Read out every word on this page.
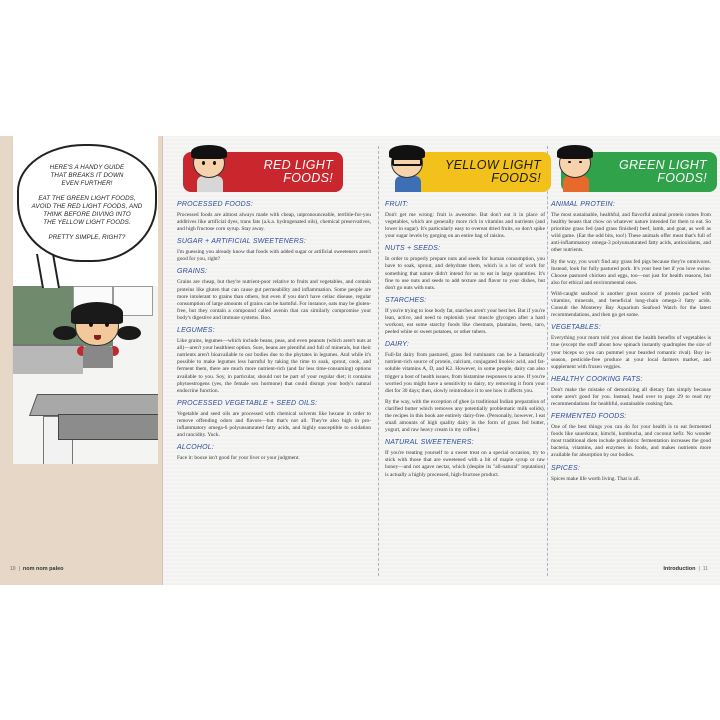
HERE'S A HANDY GUIDE
THAT BREAKS IT DOWN
EVEN FURTHER!
EAT THE GREEN LIGHT FOODS,
AVOID THE RED LIGHT FOODS, AND
THINK BEFORE DIVING INTO
THE YELLOW LIGHT FOODS.
PRETTY SIMPLE, RIGHT?
10 | nom nom paleo
RED LIGHT
FOODS!
PROCESSED FOODS:

Processed foods are almost always made with cheap, unpronounceable, terrible-for-you additives like artificial dyes, trans fats (a.k.a. hydrogenated oils), chemical preservatives, and high fructose corn syrup. Stay away.

SUGAR + ARTIFICIAL SWEETENERS:

I'm guessing you already know that foods with added sugar or artificial sweeteners aren't good for you, right?

GRAINS:

Grains are cheap, but they're nutrient-poor relative to fruits and vegetables, and contain proteins like gluten that can cause gut permeability and inflammation. Some people are more intolerant to grains than others, but even if you don't have celiac disease, regular consumption of large amounts of grains can be harmful. For instance, oats may be gluten-free, but they contain a compound called avenin that can similarly compromise your body's digestive and immune systems. Boo.

LEGUMES:

Like grains, legumes—which include beans, peas, and even peanuts (which aren't nuts at all)—aren't your healthiest option. Sure, beans are plentiful and full of minerals, but their nutrients aren't bioavailable to our bodies due to the phytates in legumes. And while it's possible to make legumes less harmful by taking the time to soak, sprout, cook, and ferment them, there are much more nutrient-rich (and far less time-consuming) options available to you. Soy, in particular, should not be part of your regular diet; it contains phytoestrogens (yes, the female sex hormone) that could disrupt your body's natural endocrine function.

PROCESSED VEGETABLE + SEED OILS:

Vegetable and seed oils are processed with chemical solvents like hexane in order to remove offending odors and flavors—but that's not all. They're also high in pro-inflammatory omega-6 polyunsaturated fatty acids, and highly susceptible to oxidation and rancidity. Yuck.

ALCOHOL:

Face it: booze isn't good for your liver or your judgment.

YELLOW LIGHT
FOODS!
FRUIT:

Don't get me wrong: fruit is awesome. But don't eat it in place of vegetables, which are generally more rich in vitamins and nutrients (and lower in sugar). It's particularly easy to overeat dried fruits, so don't spike your sugar levels by gorging on an entire bag of raisins.

NUTS + SEEDS:

In order to properly prepare nuts and seeds for human consumption, you have to soak, sprout, and dehydrate them, which is a lot of work for something that nature didn't intend for us to eat in large quantities. It's fine to use nuts and seeds to add texture and flavor to your dishes, but don't go nuts with nuts.

STARCHES:

If you're trying to lose body fat, starches aren't your best bet. But if you're lean, active, and need to replenish your muscle glycogen after a hard workout, eat some starchy foods like chestnuts, plantains, beets, taro, peeled white or sweet potatoes, or other tubers.

DAIRY:

Full-fat dairy from pastured, grass fed ruminants can be a fantastically nutrient-rich source of protein, calcium, conjugated linoleic acid, and fat-soluble vitamins A, D, and K2. However, in some people, dairy can also trigger a host of health issues, from histamine responses to acne. If you're worried you might have a sensitivity to dairy, try removing it from your diet for 30 days; then, slowly reintroduce it to see how it affects you.

By the way, with the exception of ghee (a traditional Indian preparation of clarified butter which removes any potentially problematic milk solids), the recipes in this book are entirely dairy-free. (Personally, however, I eat small amounts of high quality dairy in the form of grass fed butter, yogurt, and raw heavy cream in my coffee.)

NATURAL SWEETENERS:

If you're treating yourself to a sweet treat on a special occasion, try to stick with those that are sweetened with a bit of maple syrup or raw honey—and not agave nectar, which (despite its "all-natural" reputation) is actually a highly processed, high-fructose product.

GREEN LIGHT
FOODS!
ANIMAL PROTEIN:

The most sustainable, healthful, and flavorful animal protein comes from healthy beasts that chow on whatever nature intended for them to eat. So prioritize grass fed (and grass finished) beef, lamb, and goat, as well as wild game. (Eat the odd bits, too!) These animals offer meat that's full of anti-inflammatory omega-3 polyunsaturated fatty acids, antioxidants, and other nutrients.

By the way, you won't find any grass fed pigs because they're omnivores. Instead, look for fully pastured pork. It's your best bet if you love swine. Choose pastured chicken and eggs, too—not just for health reasons, but also for ethical and environmental ones.

Wild-caught seafood is another great source of protein packed with vitamins, minerals, and beneficial long-chain omega-3 fatty acids. Consult the Monterey Bay Aquarium Seafood Watch for the latest recommendations, and then go get some.

VEGETABLES:

Everything your mom told you about the health benefits of vegetables is true (except the stuff about how spinach instantly quadruples the size of your biceps so you can pummel your bearded romantic rival). Buy in-season, pesticide-free produce at your local farmers market, and supplement with frozen veggies.

HEALTHY COOKING FATS:

Don't make the mistake of demonizing all dietary fats simply because some aren't good for you. Instead, head over to page 29 to read my recommendations for healthful, sustainable cooking fats.

FERMENTED FOODS:

One of the best things you can do for your health is to eat fermented foods like sauerkraut, kimchi, kombucha, and coconut kefir. No wonder most traditional diets include probiotics: fermentation increases the good bacteria, vitamins, and enzymes in foods, and makes nutrients more available for absorption by our bodies.

SPICES:

Spices make life worth living. That is all.

Introduction | 11
